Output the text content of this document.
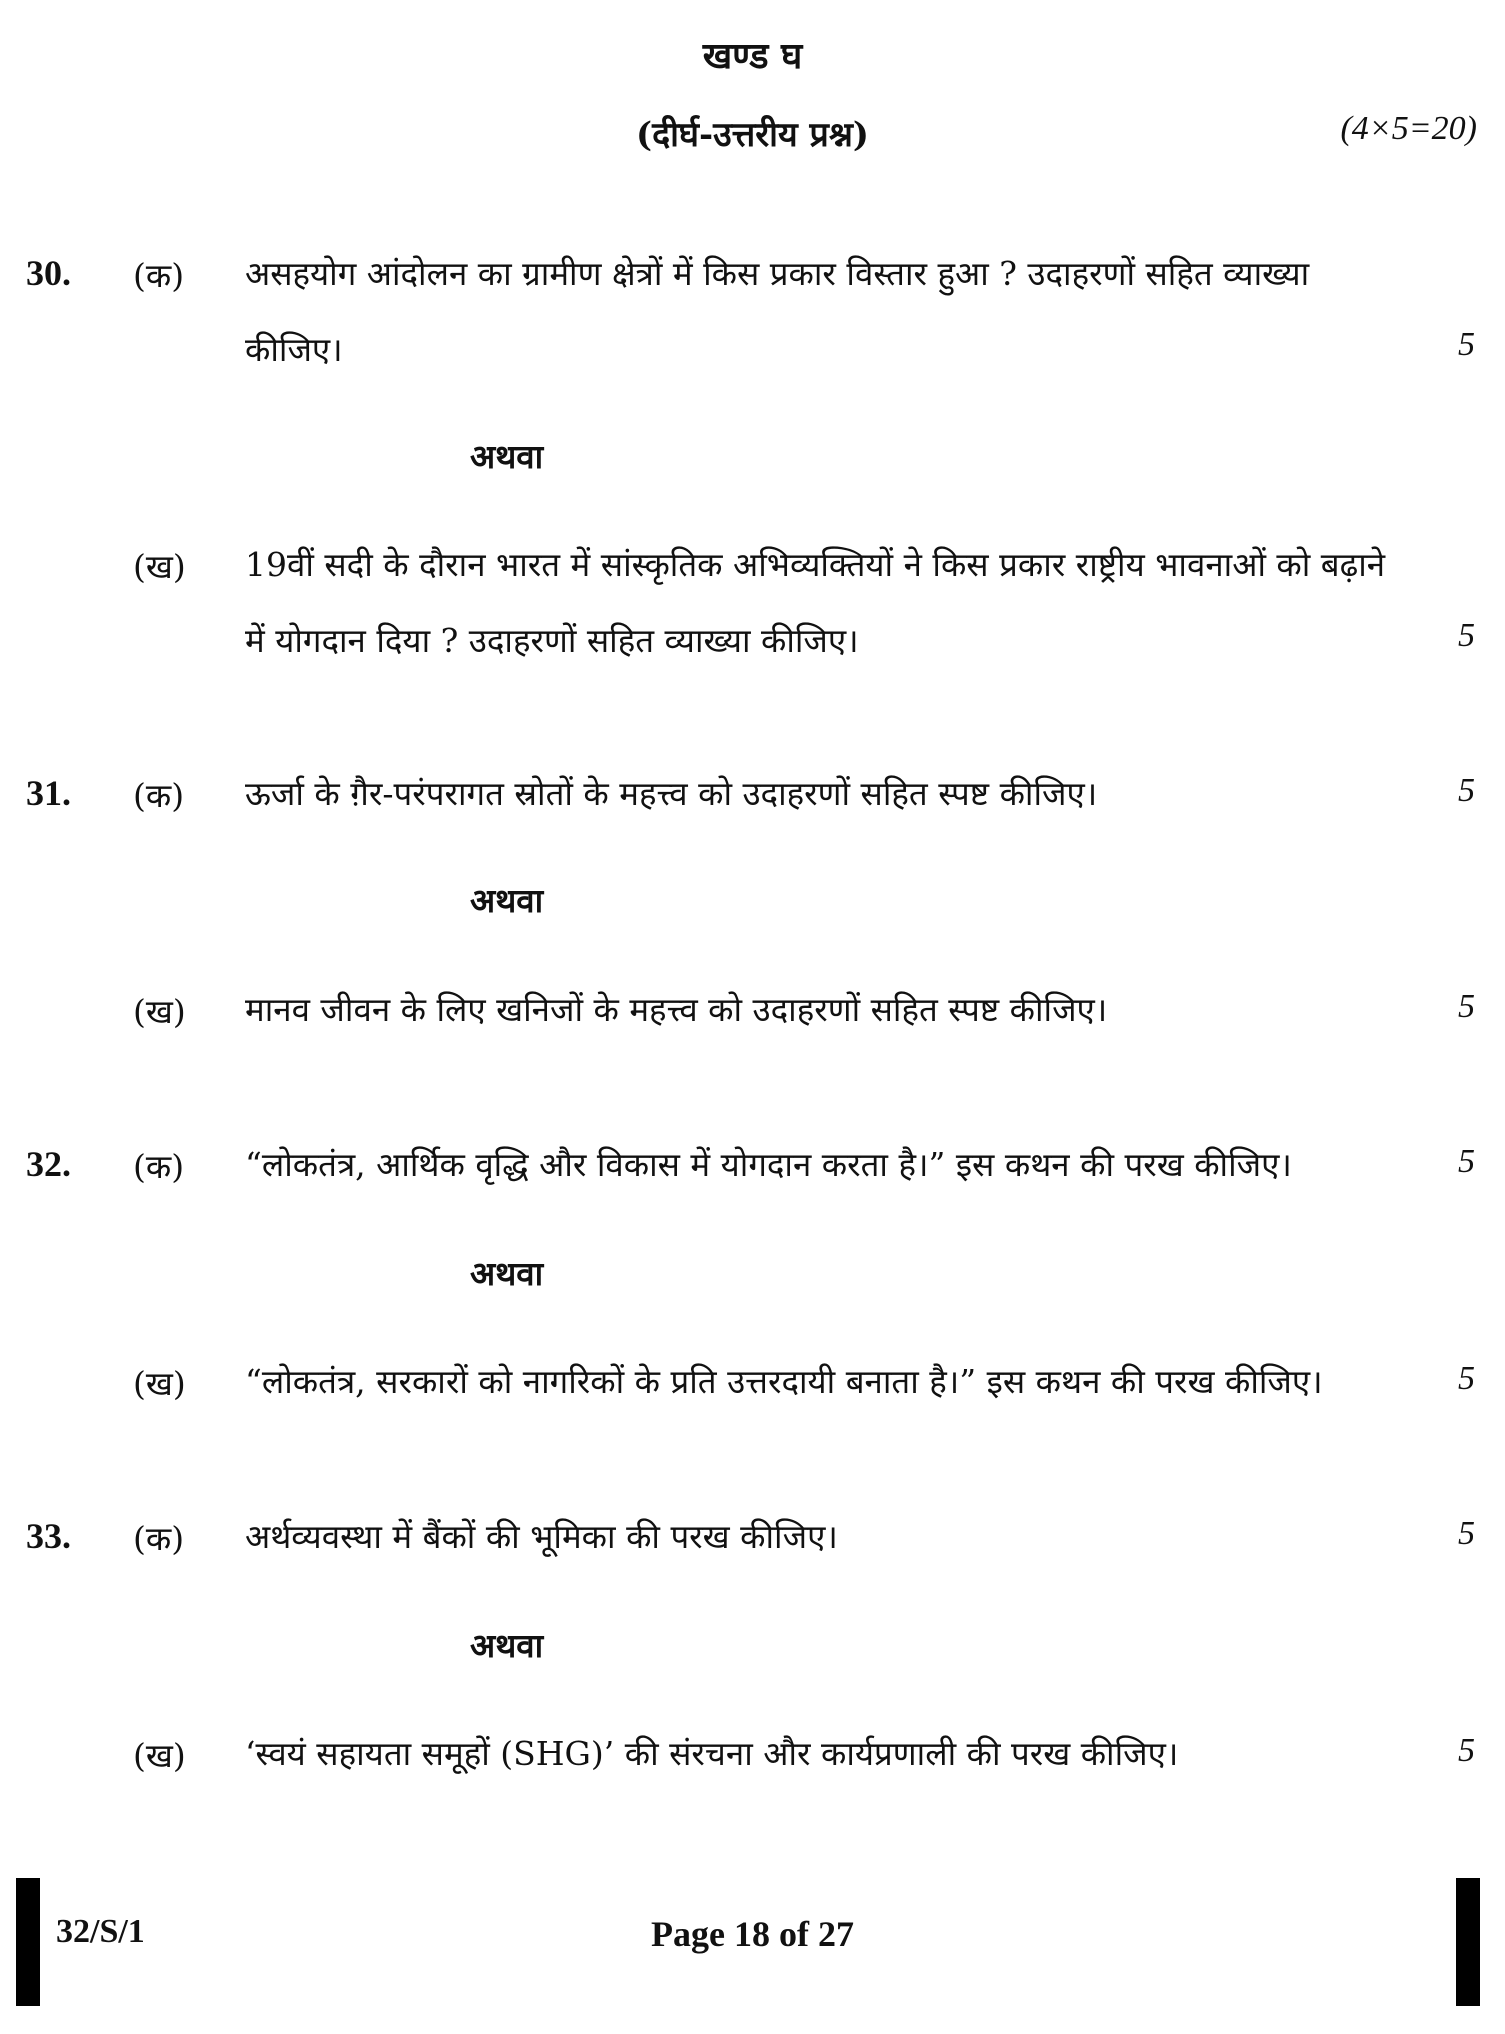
खण्ड घ
(दीर्घ-उत्तरीय प्रश्न)	(4×5=20)
30. (क) असहयोग आंदोलन का ग्रामीण क्षेत्रों में किस प्रकार विस्तार हुआ ? उदाहरणों सहित व्याख्या कीजिए।	5
अथवा
(ख) 19वीं सदी के दौरान भारत में सांस्कृतिक अभिव्यक्तियों ने किस प्रकार राष्ट्रीय भावनाओं को बढ़ाने में योगदान दिया ? उदाहरणों सहित व्याख्या कीजिए।	5
31. (क) ऊर्जा के ग़ैर-परंपरागत स्रोतों के महत्त्व को उदाहरणों सहित स्पष्ट कीजिए।	5
अथवा
(ख) मानव जीवन के लिए खनिजों के महत्त्व को उदाहरणों सहित स्पष्ट कीजिए।	5
32. (क) “लोकतंत्र, आर्थिक वृद्धि और विकास में योगदान करता है।” इस कथन की परख कीजिए।	5
अथवा
(ख) “लोकतंत्र, सरकारों को नागरिकों के प्रति उत्तरदायी बनाता है।” इस कथन की परख कीजिए।	5
33. (क) अर्थव्यवस्था में बैंकों की भूमिका की परख कीजिए।	5
अथवा
(ख) ‘स्वयं सहायता समूहों (SHG)’ की संरचना और कार्यप्रणाली की परख कीजिए।	5
32/S/1	Page 18 of 27
